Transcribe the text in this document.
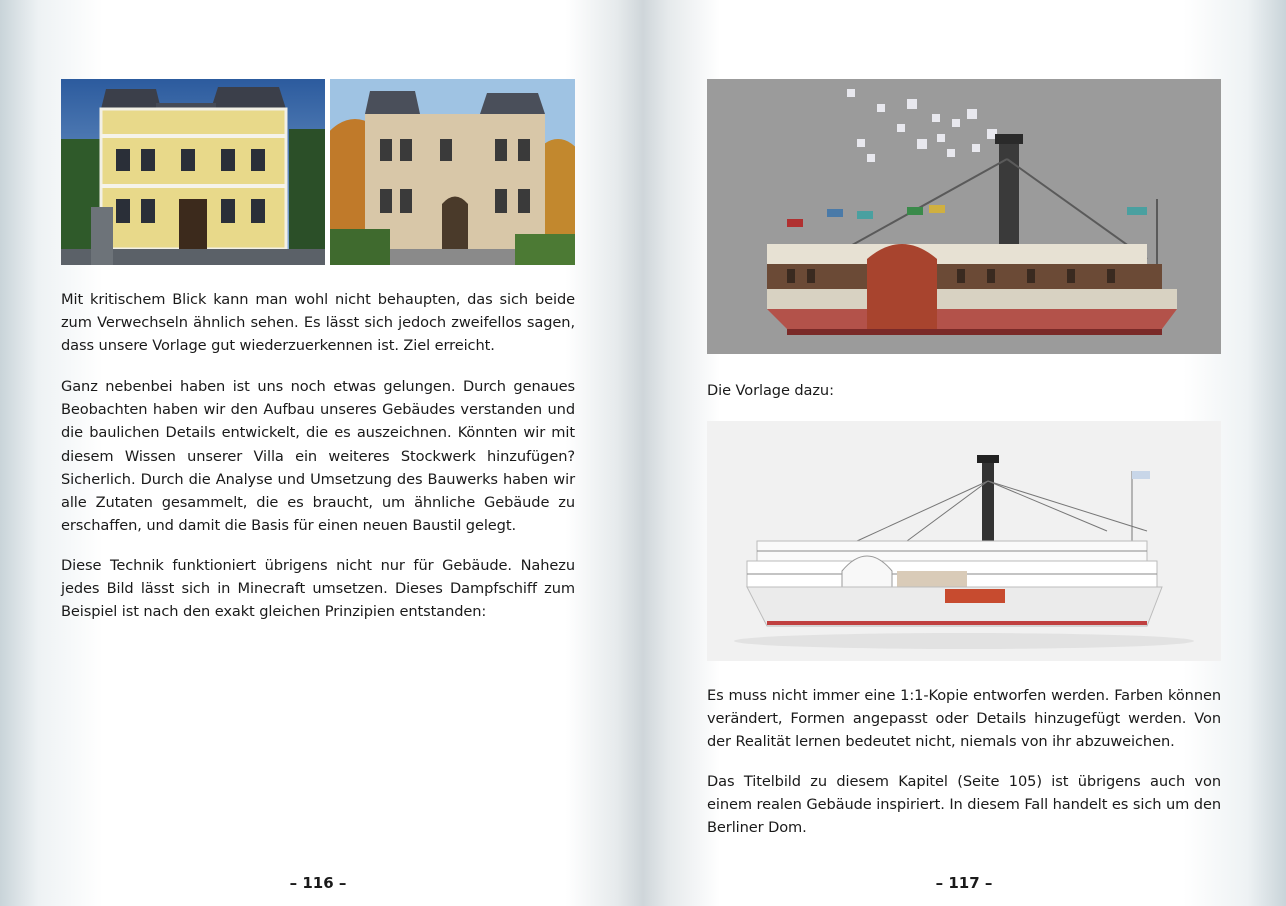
Mit kritischem Blick kann man wohl nicht behaupten, das sich beide zum Verwechseln ähnlich sehen. Es lässt sich jedoch zweifellos sagen, dass unsere Vorlage gut wiederzuerkennen ist. Ziel erreicht.

Ganz nebenbei haben ist uns noch etwas gelungen. Durch genaues Beobachten haben wir den Aufbau unseres Gebäudes verstanden und die baulichen Details entwickelt, die es auszeichnen. Könnten wir mit diesem Wissen unserer Villa ein weiteres Stockwerk hinzufügen? Sicherlich. Durch die Analyse und Umsetzung des Bauwerks haben wir alle Zutaten gesammelt, die es braucht, um ähnliche Gebäude zu erschaffen, und damit die Basis für einen neuen Baustil gelegt.

Diese Technik funktioniert übrigens nicht nur für Gebäude. Nahezu jedes Bild lässt sich in Minecraft umsetzen. Dieses Dampfschiff zum Beispiel ist nach den exakt gleichen Prinzipien entstanden:

– 116 –
Die Vorlage dazu:

Es muss nicht immer eine 1:1-Kopie entworfen werden. Farben können verändert, Formen angepasst oder Details hinzugefügt werden. Von der Realität lernen bedeutet nicht, niemals von ihr abzuweichen.

Das Titelbild zu diesem Kapitel (Seite 105) ist übrigens auch von einem realen Gebäude inspiriert. In diesem Fall handelt es sich um den Berliner Dom.

– 117 –
